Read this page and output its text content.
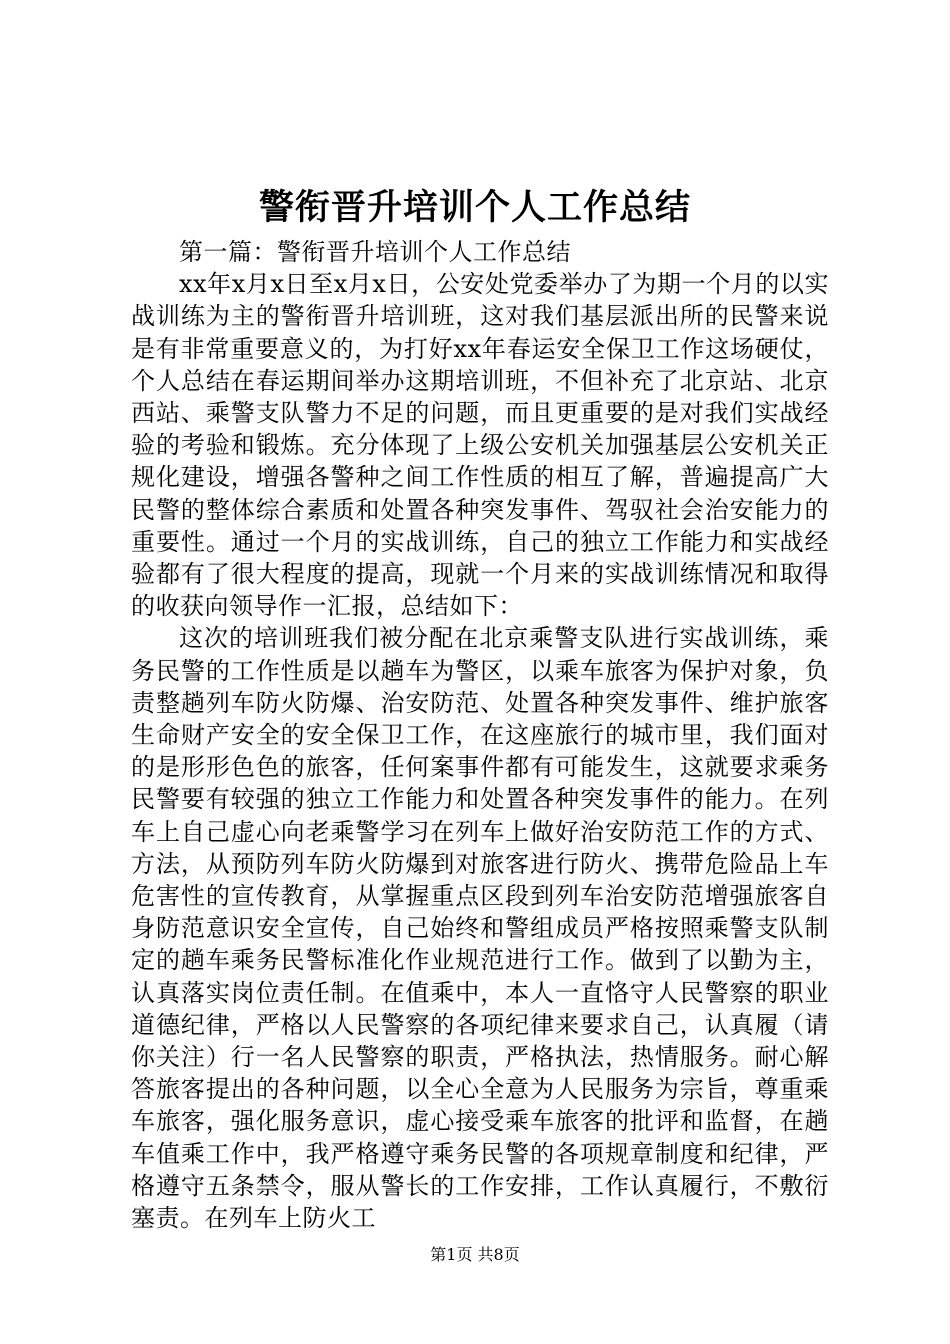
警衔晋升培训个人工作总结

第一篇：警衔晋升培训个人工作总结

xx年x月x日至x月x日，公安处党委举办了为期一个月的以实战训练为主的警衔晋升培训班，这对我们基层派出所的民警来说是有非常重要意义的，为打好xx年春运安全保卫工作这场硬仗，个人总结在春运期间举办这期培训班，不但补充了北京站、北京西站、乘警支队警力不足的问题，而且更重要的是对我们实战经验的考验和锻炼。充分体现了上级公安机关加强基层公安机关正规化建设，增强各警种之间工作性质的相互了解，普遍提高广大民警的整体综合素质和处置各种突发事件、驾驭社会治安能力的重要性。通过一个月的实战训练，自己的独立工作能力和实战经验都有了很大程度的提高，现就一个月来的实战训练情况和取得的收获向领导作一汇报，总结如下：

这次的培训班我们被分配在北京乘警支队进行实战训练，乘务民警的工作性质是以趟车为警区，以乘车旅客为保护对象，负责整趟列车防火防爆、治安防范、处置各种突发事件、维护旅客生命财产安全的安全保卫工作，在这座旅行的城市里，我们面对的是形形色色的旅客，任何案事件都有可能发生，这就要求乘务民警要有较强的独立工作能力和处置各种突发事件的能力。在列车上自己虚心向老乘警学习在列车上做好治安防范工作的方式、方法，从预防列车防火防爆到对旅客进行防火、携带危险品上车危害性的宣传教育，从掌握重点区段到列车治安防范增强旅客自身防范意识安全宣传，自己始终和警组成员严格按照乘警支队制定的趟车乘务民警标准化作业规范进行工作。做到了以勤为主，认真落实岗位责任制。在值乘中，本人一直恪守人民警察的职业道德纪律，严格以人民警察的各项纪律来要求自己，认真履（请你关注）行一名人民警察的职责，严格执法，热情服务。耐心解答旅客提出的各种问题，以全心全意为人民服务为宗旨，尊重乘车旅客，强化服务意识，虚心接受乘车旅客的批评和监督，在趟车值乘工作中，我严格遵守乘务民警的各项规章制度和纪律，严格遵守五条禁令，服从警长的工作安排，工作认真履行，不敷衍塞责。在列车上防火工

第1页 共8页
